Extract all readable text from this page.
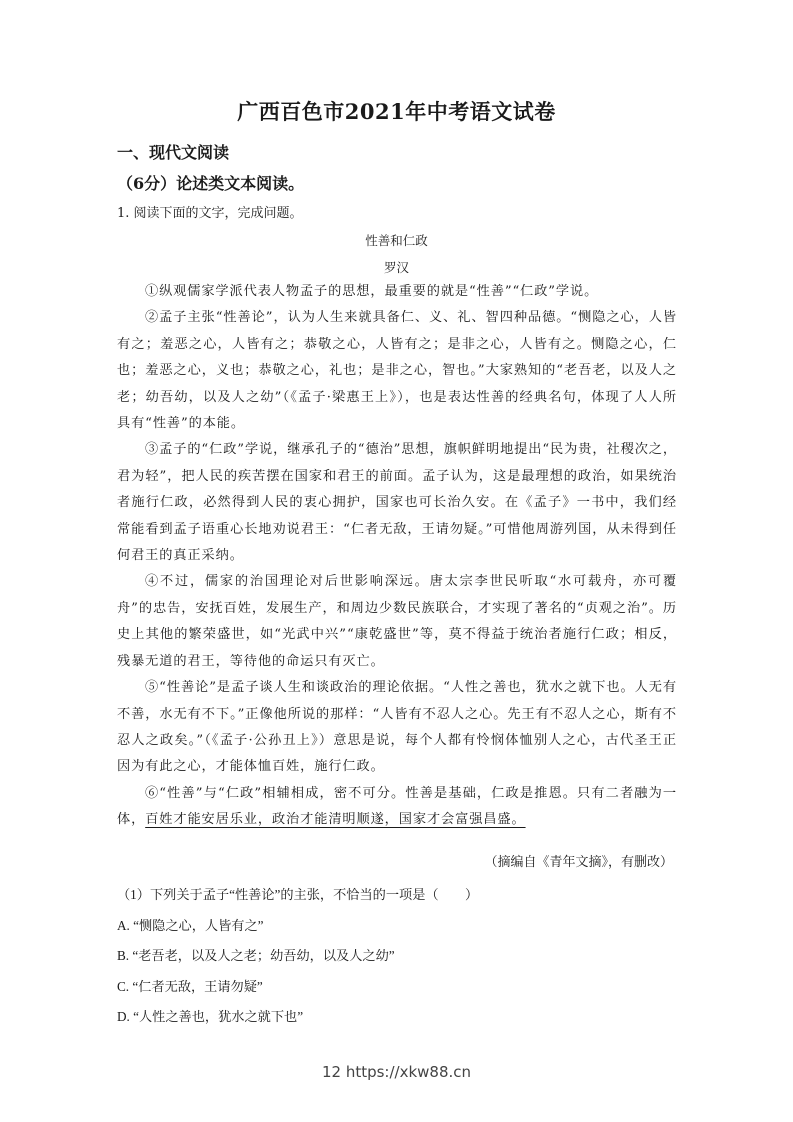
广西百色市2021年中考语文试卷
一、现代文阅读
（6分）论述类文本阅读。
1. 阅读下面的文字，完成问题。
性善和仁政
罗汉

①纵观儒家学派代表人物孟子的思想，最重要的就是“性善”“仁政”学说。

②孟子主张“性善论”，认为人生来就具备仁、义、礼、智四种品德。“恻隐之心，人皆有之；羞恶之心，人皆有之；恭敬之心，人皆有之；是非之心，人皆有之。恻隐之心，仁也；羞恶之心，义也；恭敬之心，礼也；是非之心，智也。”大家熟知的“老吾老，以及人之老；幼吾幼，以及人之幼”（《孟子·梁惠王上》），也是表达性善的经典名句，体现了人人所具有“性善”的本能。

③孟子的“仁政”学说，继承孔子的“德治”思想，旗帜鲜明地提出“民为贵，社稷次之，君为轻”，把人民的疾苦摆在国家和君王的前面。孟子认为，这是最理想的政治，如果统治者施行仁政，必然得到人民的衷心拥护，国家也可长治久安。在《孟子》一书中，我们经常能看到孟子语重心长地劝说君王：“仁者无敌，王请勿疑。”可惜他周游列国，从未得到任何君王的真正采纳。

④不过，儒家的治国理论对后世影响深远。唐太宗李世民听取“水可载舟，亦可覆舟”的忠告，安抚百姓，发展生产，和周边少数民族联合，才实现了著名的“贞观之治”。历史上其他的繁荣盛世，如“光武中兴”“康乾盛世”等，莫不得益于统治者施行仁政；相反，残暴无道的君王，等待他的命运只有灭亡。

⑤“性善论”是孟子谈人生和谈政治的理论依据。“人性之善也，犹水之就下也。人无有不善，水无有不下。”正像他所说的那样：“人皆有不忍人之心。先王有不忍人之心，斯有不忍人之政矣。”（《孟子·公孙丑上》）意思是说，每个人都有怜悯体恤别人之心，古代圣王正因为有此之心，才能体恤百姓，施行仁政。

⑥“性善”与“仁政”相辅相成，密不可分。性善是基础，仁政是推恩。只有二者融为一体，百姓才能安居乐业，政治才能清明顺遂，国家才会富强昌盛。

（摘编自《青年文摘》，有删改）
（1）下列关于孟子“性善论”的主张，不恰当的一项是（　　）
A. “恻隐之心，人皆有之”
B. “老吾老，以及人之老；幼吾幼，以及人之幼”
C. “仁者无敌，王请勿疑”
D. “人性之善也，犹水之就下也”
12 https://xkw88.cn
